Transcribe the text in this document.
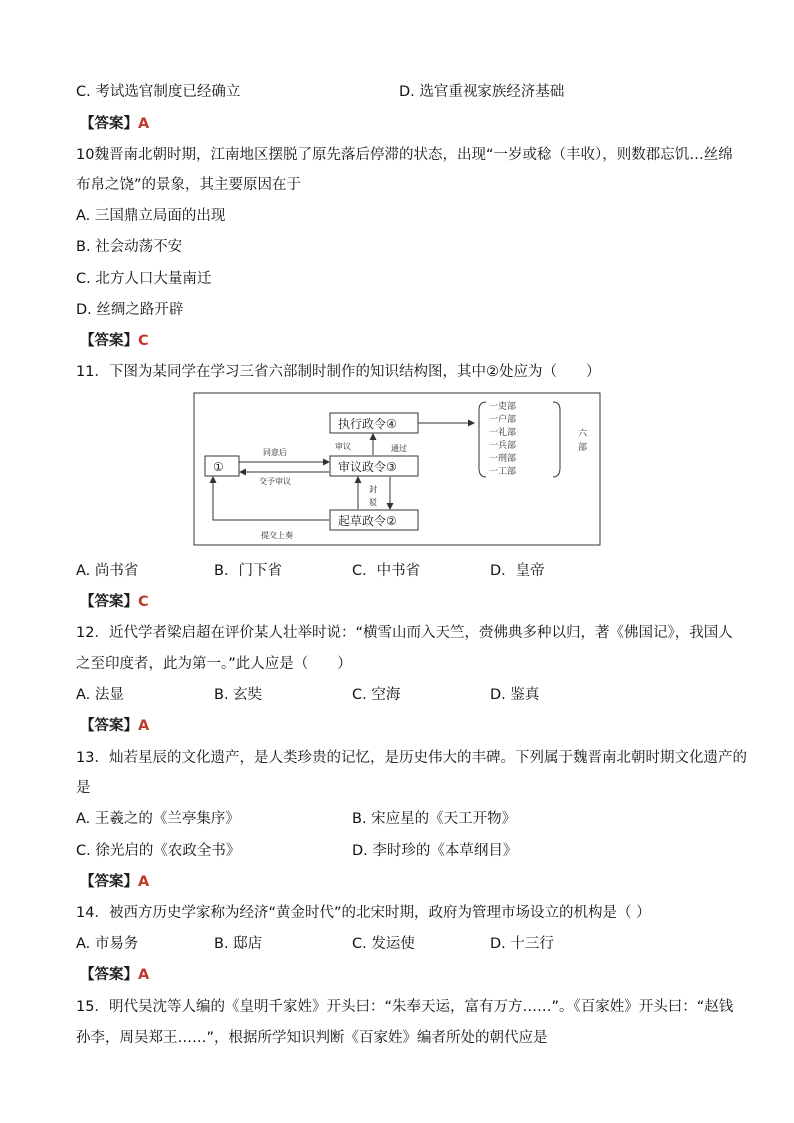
C. 考试选官制度已经确立	D. 选官重视家族经济基础
【答案】A
10魏晋南北朝时期，江南地区摆脱了原先落后停滞的状态，出现“一岁或稔（丰收），则数郡忘饥…丝绵
布帛之饶”的景象，其主要原因在于
A. 三国鼎立局面的出现
B. 社会动荡不安
C. 北方人口大量南迁
D. 丝绸之路开辟
【答案】C
11．下图为某同学在学习三省六部制时制作的知识结构图，其中②处应为（　　）
①
执行政令④
审议政令③
起草政令②
同意后
交予审议
提交上奏
审议	通过
封
驳
一吏部
一户部
一礼部
一兵部
一刑部
一工部
六
部
A. 尚书省	B．门下省	C．中书省	D．皇帝
【答案】C
12．近代学者梁启超在评价某人壮举时说：“横雪山而入天竺，赍佛典多种以归，著《佛国记》，我国人
之至印度者，此为第一。”此人应是（　　）
A. 法显	B. 玄奘	C. 空海	D. 鉴真
【答案】A
13．灿若星辰的文化遗产，是人类珍贵的记忆，是历史伟大的丰碑。下列属于魏晋南北朝时期文化遗产的
是
A. 王羲之的《兰亭集序》	B. 宋应星的《天工开物》
C. 徐光启的《农政全书》	D. 李时珍的《本草纲目》
【答案】A
14．被西方历史学家称为经济“黄金时代”的北宋时期，政府为管理市场设立的机构是（ ）
A. 市易务	B. 邸店	C. 发运使	D. 十三行
【答案】A
15．明代吴沈等人编的《皇明千家姓》开头曰：“朱奉天运，富有万方……”。《百家姓》开头曰：“赵钱
孙李，周吴郑王……”，根据所学知识判断《百家姓》编者所处的朝代应是
